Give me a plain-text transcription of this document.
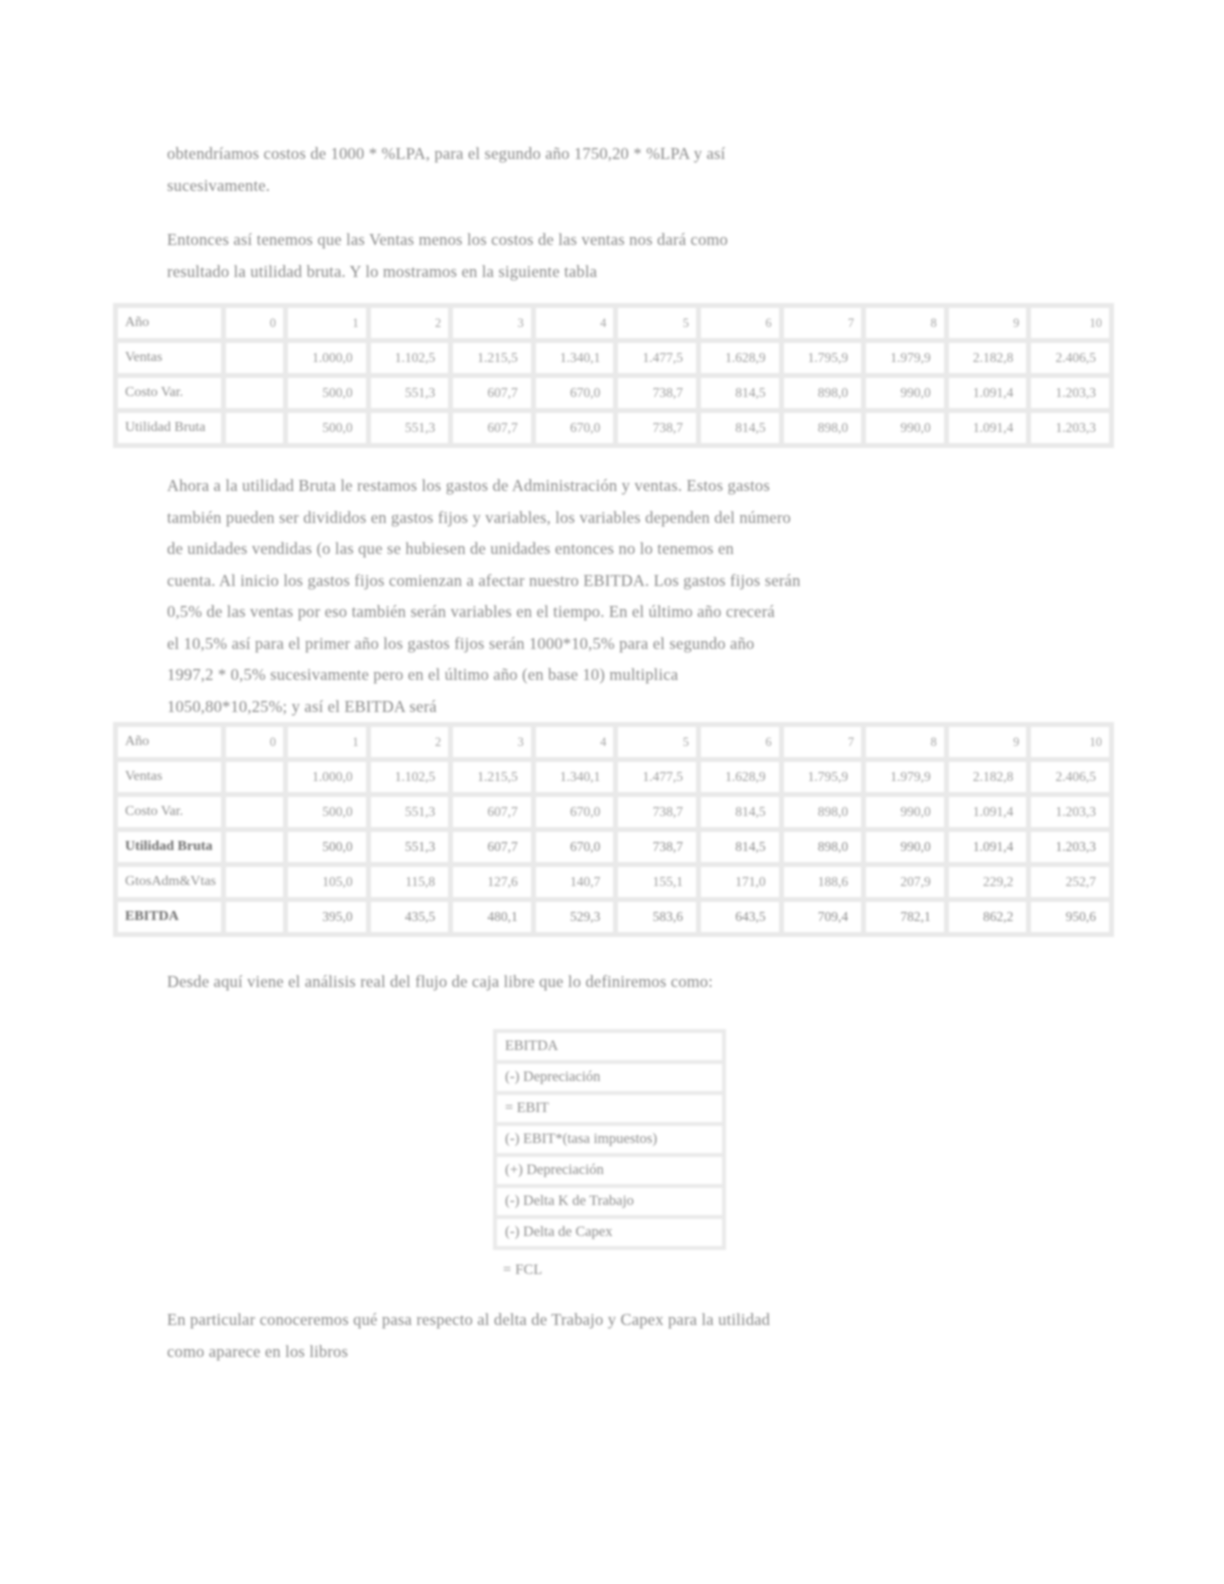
obtendríamos costos de 1000 * %LPA, para el segundo año 1750,20 * %LPA y así
sucesivamente.
Entonces así tenemos que las Ventas menos los costos de las ventas nos dará como
resultado la utilidad bruta. Y lo mostramos en la siguiente tabla
Año	0	1	2	3	4	5	6	7	8	9	10
Ventas		1.000,0	1.102,5	1.215,5	1.340,1	1.477,5	1.628,9	1.795,9	1.979,9	2.182,8	2.406,5
Costo Var.		500,0	551,3	607,7	670,0	738,7	814,5	898,0	990,0	1.091,4	1.203,3
Utilidad Bruta		500,0	551,3	607,7	670,0	738,7	814,5	898,0	990,0	1.091,4	1.203,3
Ahora a la utilidad Bruta le restamos los gastos de Administración y ventas. Estos gastos
también pueden ser divididos en gastos fijos y variables, los variables dependen del número
de unidades vendidas (o las que se hubiesen de unidades entonces no lo tenemos en
cuenta. Al inicio los gastos fijos comienzan a afectar nuestro EBITDA. Los gastos fijos serán
0,5% de las ventas por eso también serán variables en el tiempo. En el último año crecerá
el 10,5% así para el primer año los gastos fijos serán 1000*10,5% para el segundo año
1997,2 * 0,5% sucesivamente pero en el último año (en base 10) multiplica
1050,80*10,25%; y así el EBITDA será
Año	0	1	2	3	4	5	6	7	8	9	10
Ventas		1.000,0	1.102,5	1.215,5	1.340,1	1.477,5	1.628,9	1.795,9	1.979,9	2.182,8	2.406,5
Costo Var.		500,0	551,3	607,7	670,0	738,7	814,5	898,0	990,0	1.091,4	1.203,3
Utilidad Bruta		500,0	551,3	607,7	670,0	738,7	814,5	898,0	990,0	1.091,4	1.203,3
GtosAdm&Vtas		105,0	115,8	127,6	140,7	155,1	171,0	188,6	207,9	229,2	252,7
EBITDA		395,0	435,5	480,1	529,3	583,6	643,5	709,4	782,1	862,2	950,6
Desde aquí viene el análisis real del flujo de caja libre que lo definiremos como:
EBITDA
(-) Depreciación
= EBIT
(-) EBIT*(tasa impuestos)
(+) Depreciación
(-) Delta K de Trabajo
(-) Delta de Capex
= FCL
En particular conoceremos qué pasa respecto al delta de Trabajo y Capex para la utilidad
como aparece en los libros
